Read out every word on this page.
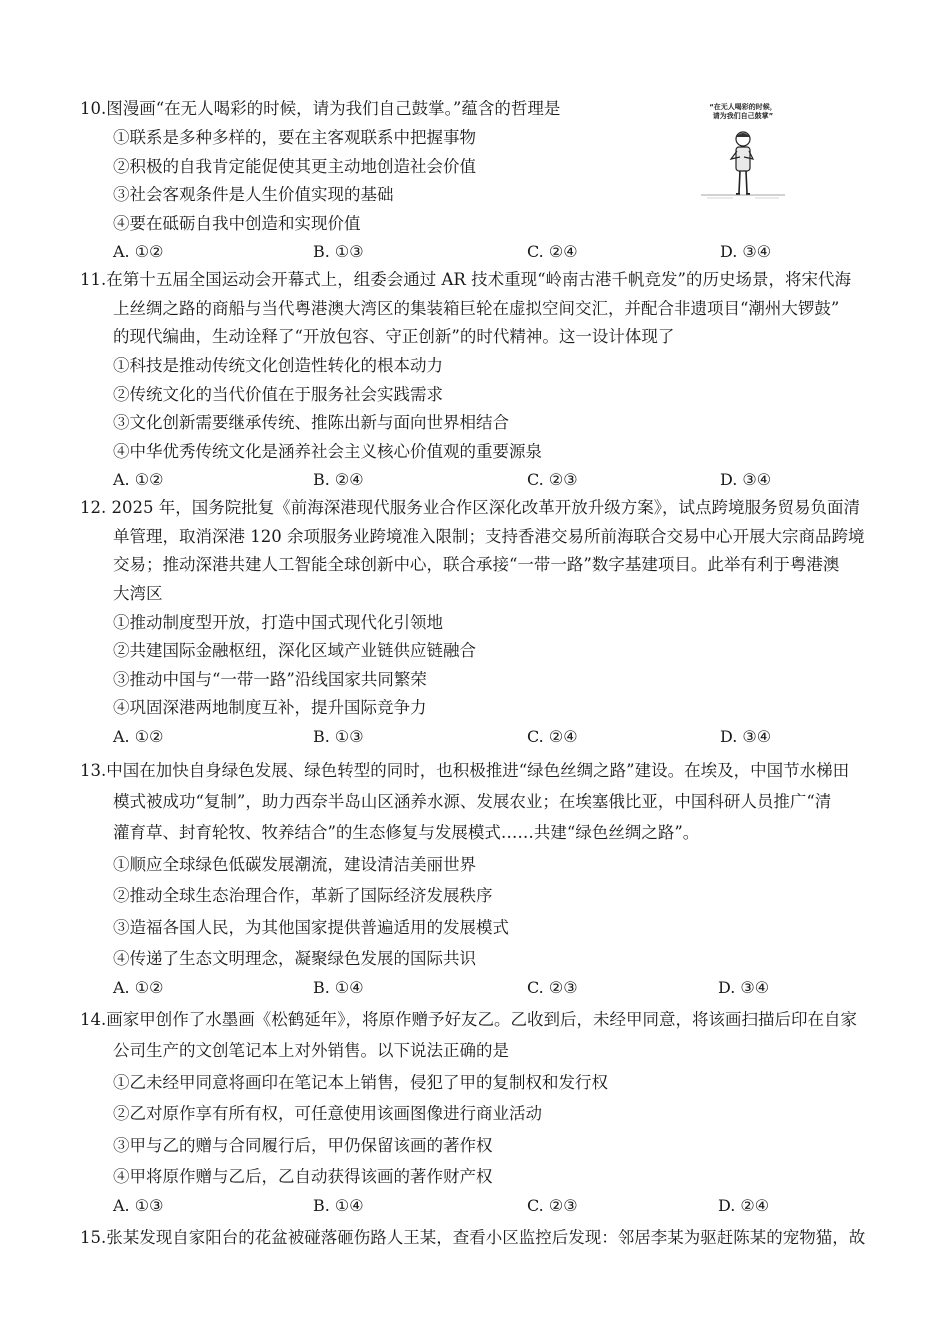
10.图漫画“在无人喝彩的时候，请为我们自己鼓掌。”蕴含的哲理是
①联系是多种多样的，要在主客观联系中把握事物
②积极的自我肯定能促使其更主动地创造社会价值
③社会客观条件是人生价值实现的基础
④要在砥砺自我中创造和实现价值
A. ①②	B. ①③	C. ②④	D. ③④
“在无人喝彩的时候，
请为我们自己鼓掌”
11.在第十五届全国运动会开幕式上，组委会通过 AR 技术重现“岭南古港千帆竞发”的历史场景，将宋代海
上丝绸之路的商船与当代粤港澳大湾区的集装箱巨轮在虚拟空间交汇，并配合非遗项目“潮州大锣鼓”
的现代编曲，生动诠释了“开放包容、守正创新”的时代精神。这一设计体现了
①科技是推动传统文化创造性转化的根本动力
②传统文化的当代价值在于服务社会实践需求
③文化创新需要继承传统、推陈出新与面向世界相结合
④中华优秀传统文化是涵养社会主义核心价值观的重要源泉
A. ①②	B. ②④	C. ②③	D. ③④
12. 2025 年，国务院批复《前海深港现代服务业合作区深化改革开放升级方案》，试点跨境服务贸易负面清
单管理，取消深港 120 余项服务业跨境准入限制；支持香港交易所前海联合交易中心开展大宗商品跨境
交易；推动深港共建人工智能全球创新中心，联合承接“一带一路”数字基建项目。此举有利于粤港澳
大湾区
①推动制度型开放，打造中国式现代化引领地
②共建国际金融枢纽，深化区域产业链供应链融合
③推动中国与“一带一路”沿线国家共同繁荣
④巩固深港两地制度互补，提升国际竞争力
A. ①②	B. ①③	C. ②④	D. ③④
13.中国在加快自身绿色发展、绿色转型的同时，也积极推进“绿色丝绸之路”建设。在埃及，中国节水梯田
模式被成功“复制”，助力西奈半岛山区涵养水源、发展农业；在埃塞俄比亚，中国科研人员推广“清
灌育草、封育轮牧、牧养结合”的生态修复与发展模式……共建“绿色丝绸之路”。
①顺应全球绿色低碳发展潮流，建设清洁美丽世界
②推动全球生态治理合作，革新了国际经济发展秩序
③造福各国人民，为其他国家提供普遍适用的发展模式
④传递了生态文明理念，凝聚绿色发展的国际共识
A. ①②	B. ①④	C. ②③	D. ③④
14.画家甲创作了水墨画《松鹤延年》，将原作赠予好友乙。乙收到后，未经甲同意，将该画扫描后印在自家
公司生产的文创笔记本上对外销售。以下说法正确的是
①乙未经甲同意将画印在笔记本上销售，侵犯了甲的复制权和发行权
②乙对原作享有所有权，可任意使用该画图像进行商业活动
③甲与乙的赠与合同履行后，甲仍保留该画的著作权
④甲将原作赠与乙后，乙自动获得该画的著作财产权
A. ①③	B. ①④	C. ②③	D. ②④
15.张某发现自家阳台的花盆被碰落砸伤路人王某，查看小区监控后发现：邻居李某为驱赶陈某的宠物猫，故
